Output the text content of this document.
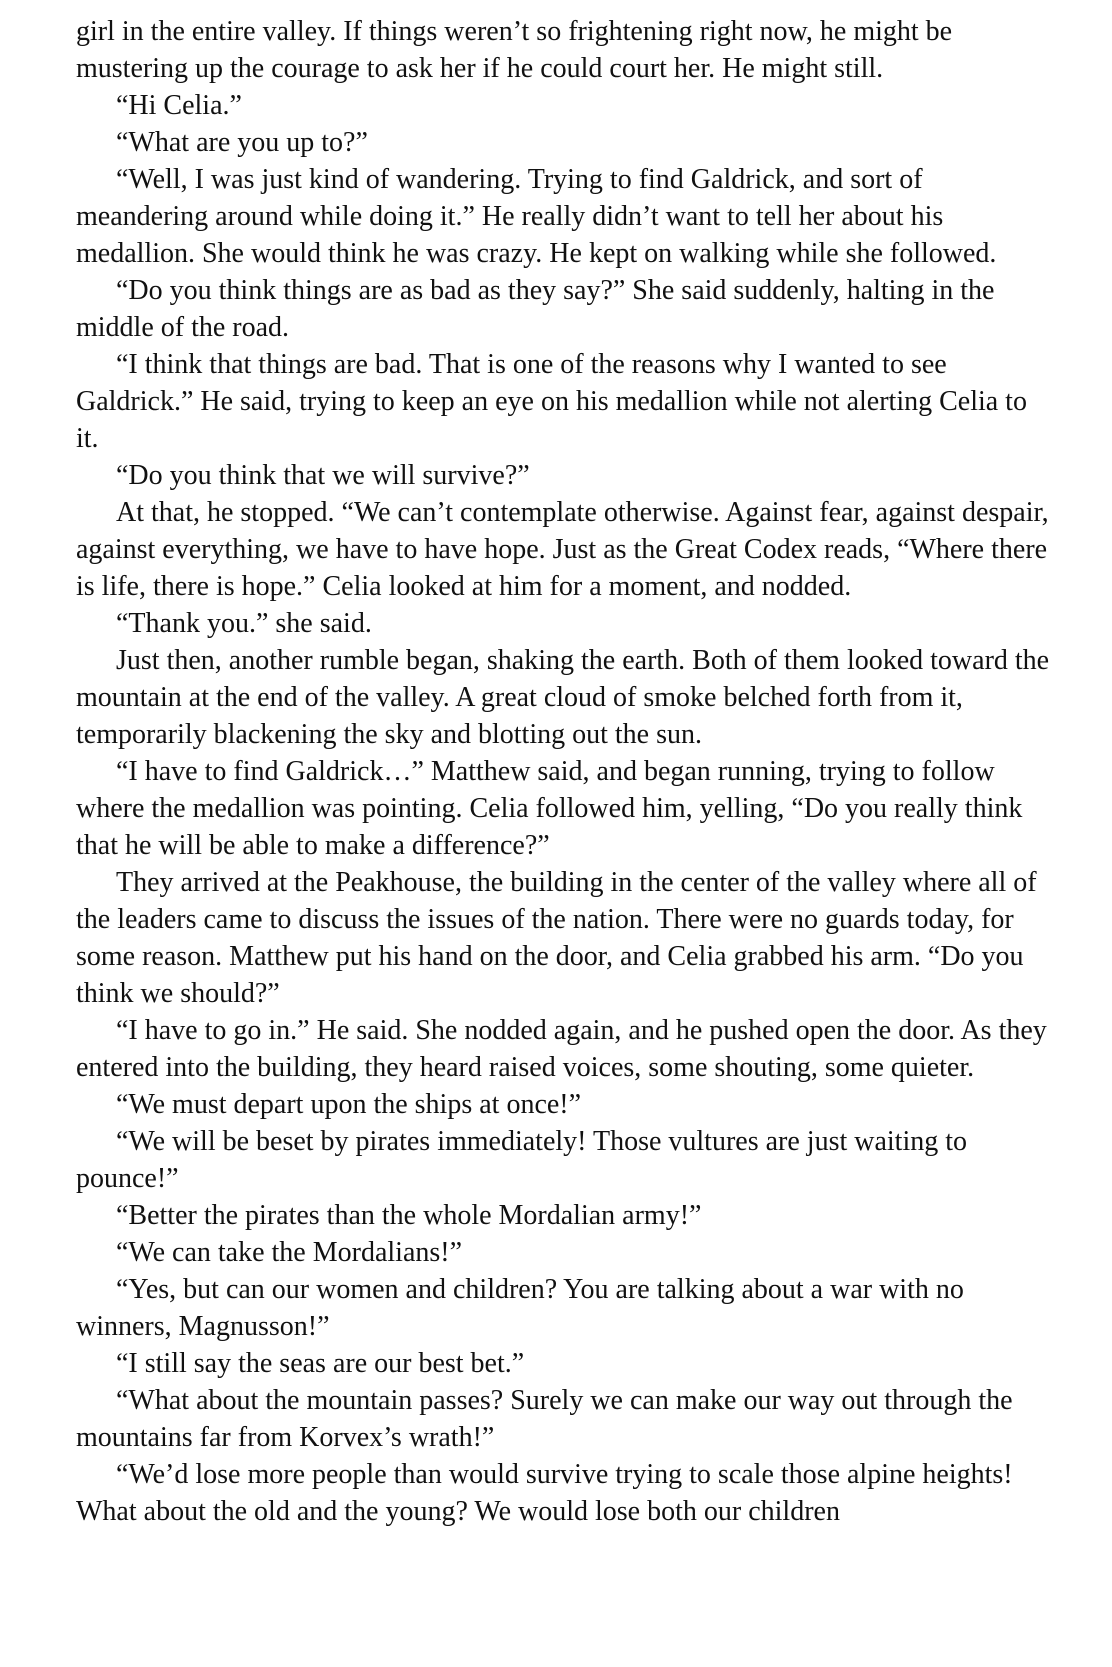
girl in the entire valley. If things weren’t so frightening right now, he might be mustering up the courage to ask her if he could court her. He might still.

“Hi Celia.”

“What are you up to?”

“Well, I was just kind of wandering. Trying to find Galdrick, and sort of meandering around while doing it.” He really didn’t want to tell her about his medallion. She would think he was crazy. He kept on walking while she followed.

“Do you think things are as bad as they say?” She said suddenly, halting in the middle of the road.

“I think that things are bad. That is one of the reasons why I wanted to see Galdrick.” He said, trying to keep an eye on his medallion while not alerting Celia to it.

“Do you think that we will survive?”

At that, he stopped. “We can’t contemplate otherwise. Against fear, against despair, against everything, we have to have hope. Just as the Great Codex reads, “Where there is life, there is hope.” Celia looked at him for a moment, and nodded.

“Thank you.” she said.

Just then, another rumble began, shaking the earth. Both of them looked toward the mountain at the end of the valley. A great cloud of smoke belched forth from it, temporarily blackening the sky and blotting out the sun.

“I have to find Galdrick…” Matthew said, and began running, trying to follow where the medallion was pointing. Celia followed him, yelling, “Do you really think that he will be able to make a difference?”

They arrived at the Peakhouse, the building in the center of the valley where all of the leaders came to discuss the issues of the nation. There were no guards today, for some reason. Matthew put his hand on the door, and Celia grabbed his arm. “Do you think we should?”

“I have to go in.” He said. She nodded again, and he pushed open the door. As they entered into the building, they heard raised voices, some shouting, some quieter.

“We must depart upon the ships at once!”

“We will be beset by pirates immediately! Those vultures are just waiting to pounce!”

“Better the pirates than the whole Mordalian army!”

“We can take the Mordalians!”

“Yes, but can our women and children? You are talking about a war with no winners, Magnusson!”

“I still say the seas are our best bet.”

“What about the mountain passes? Surely we can make our way out through the mountains far from Korvex’s wrath!”

“We’d lose more people than would survive trying to scale those alpine heights! What about the old and the young? We would lose both our children
